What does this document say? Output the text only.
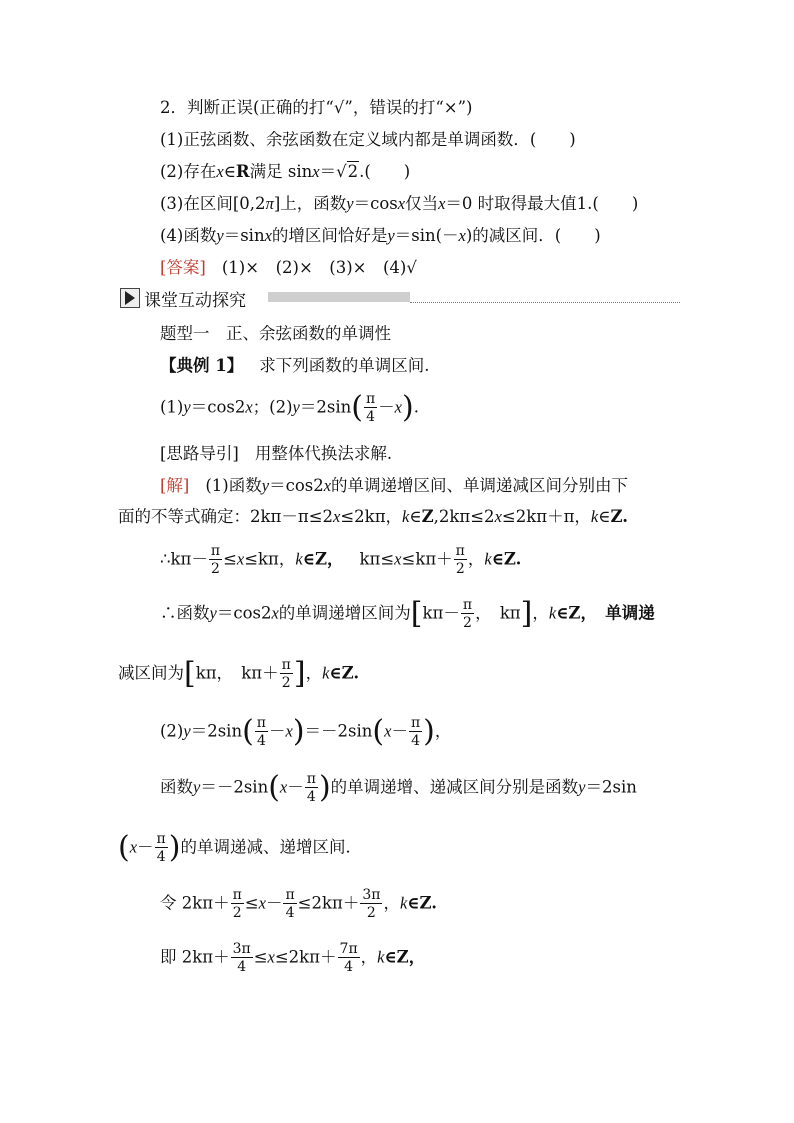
2．判断正误(正确的打“√”，错误的打“×”)
(1)正弦函数、余弦函数在定义域内都是单调函数．(　　)
(2)存在x∈R满足 sinx＝√2.(　　)
(3)在区间[0,2π]上，函数y＝cosx仅当x＝0 时取得最大值1.(　　)
(4)函数y＝sinx的增区间恰好是y＝sin(－x)的减区间．(　　)
[答案] (1)×　(2)×　(3)×　(4)√
课堂互动探究
题型一　正、余弦函数的单调性
【典例 1】 求下列函数的单调区间.
(1)y＝cos2x；$(2)y=2\sin( \frac{\pi}{4} -x)$.
[思路导引] 用整体代换法求解.
[解] (1)函数y＝cos2x的单调递增区间、单调递减区间分别由下
面的不等式确定：2kπ－π≤2x≤2kπ，k∈Z,2kπ≤2x≤2kπ＋π，k∈Z.
∴kπ－ $\frac{\pi}{2} \le x\le k\pi$，k∈Z， $k\pi\le x\le k\pi+ \frac{\pi}{2}$ ，k∈Z.
∴函数y＝cos2x的单调递增区间为[$k\pi- \frac{\pi}{2}$ ，　kπ]，k∈Z，　单调递
减区间为[kπ，　$k\pi+ \frac{\pi}{2}$ ]，k∈Z.
$(2)y=2\sin( \frac{\pi}{4} -x)=-2\sin(x- \frac{\pi}{4}$ )，
函数$y=-2\sin(x- \frac{\pi}{4}$ )的单调递增、递减区间分别是函数y＝2sin
($x- \frac{\pi}{4}$ )的单调递减、递增区间．
令 $2k\pi+ \frac{\pi}{2} \le x- \frac{\pi}{4} \le 2k\pi+ \frac{3\pi}{2}$ ，k∈Z.
即 $2k\pi+ \frac{3\pi}{4} \le x\le 2k\pi+ \frac{7\pi}{4}$ ，k∈Z，
